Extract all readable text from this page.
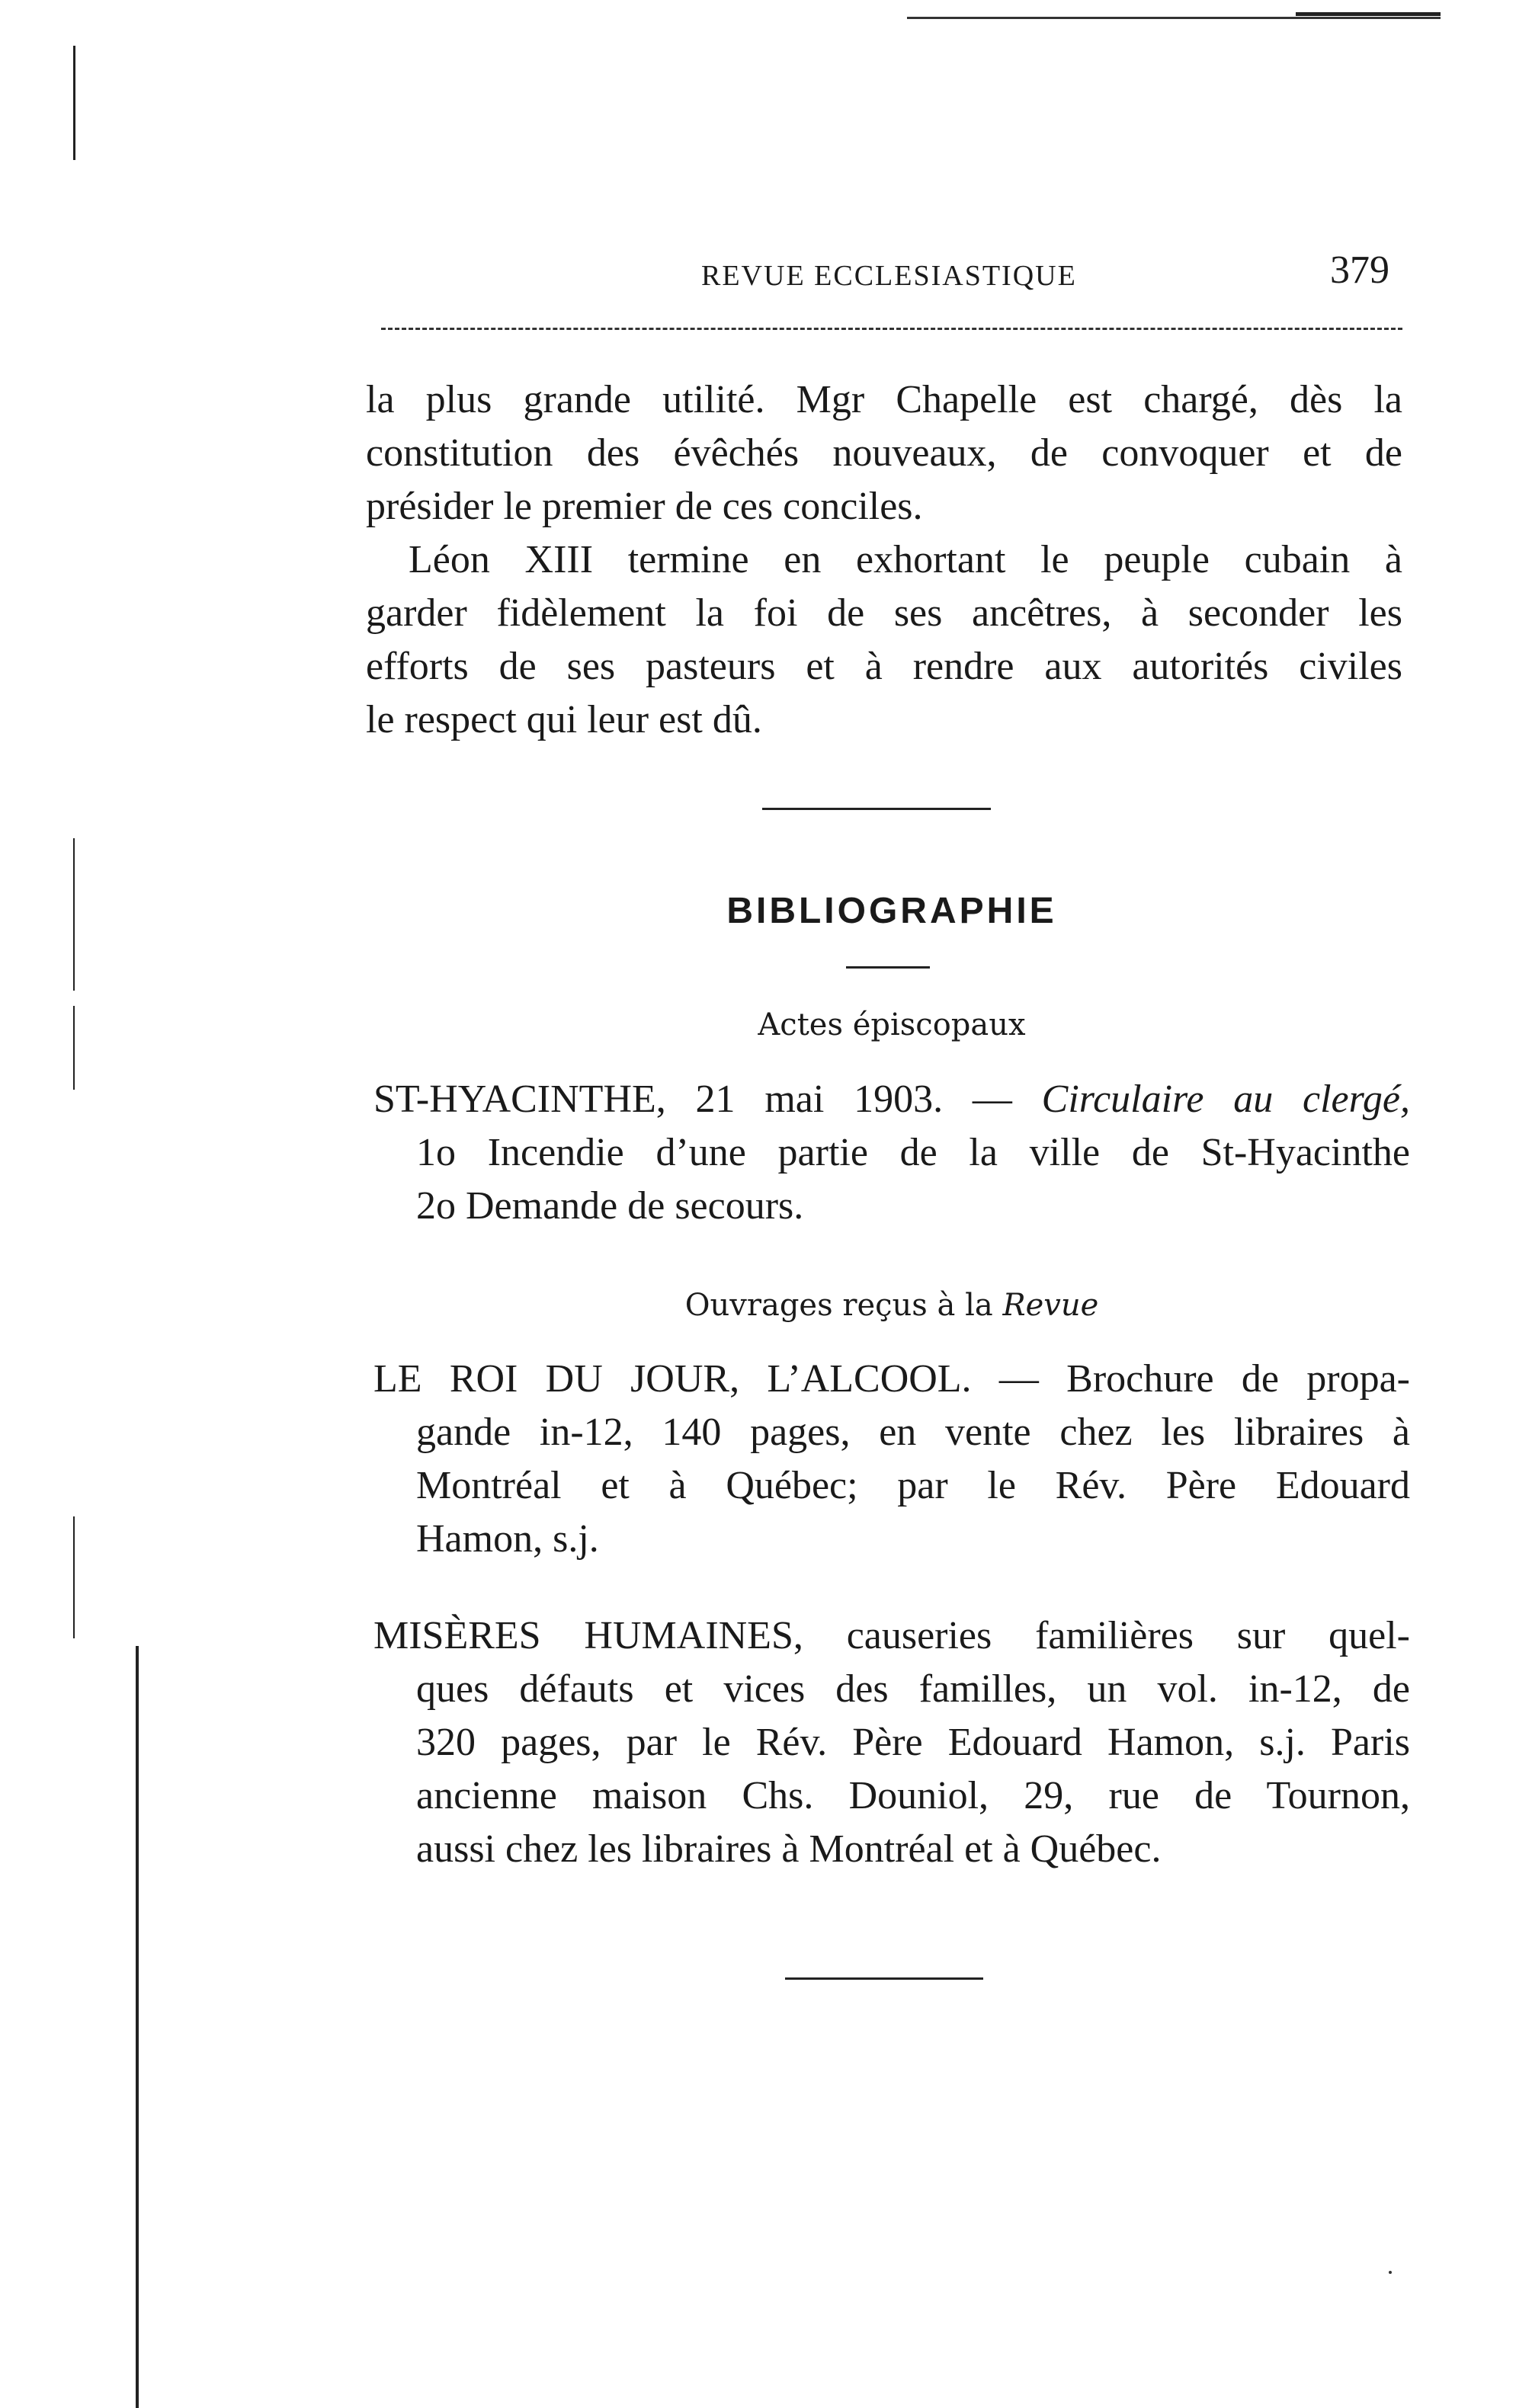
REVUE ECCLESIASTIQUE	379
la plus grande utilité. Mgr Chapelle est chargé, dès la
constitution des évêchés nouveaux, de convoquer et de
présider le premier de ces conciles.
Léon XIII termine en exhortant le peuple cubain à
garder fidèlement la foi de ses ancêtres, à seconder les
efforts de ses pasteurs et à rendre aux autorités civiles
le respect qui leur est dû.
BIBLIOGRAPHIE
Actes épiscopaux
ST-HYACINTHE, 21 mai 1903. — Circulaire au clergé,
1o Incendie d’une partie de la ville de St-Hyacinthe
2o Demande de secours.
Ouvrages reçus à la Revue
LE ROI DU JOUR, L’ALCOOL. — Brochure de propa-
gande in-12, 140 pages, en vente chez les libraires à
Montréal et à Québec; par le Rév. Père Edouard
Hamon, s.j.
MISÈRES HUMAINES, causeries familières sur quel-
ques défauts et vices des familles, un vol. in-12, de
320 pages, par le Rév. Père Edouard Hamon, s.j. Paris
ancienne maison Chs. Douniol, 29, rue de Tournon,
aussi chez les libraires à Montréal et à Québec.
